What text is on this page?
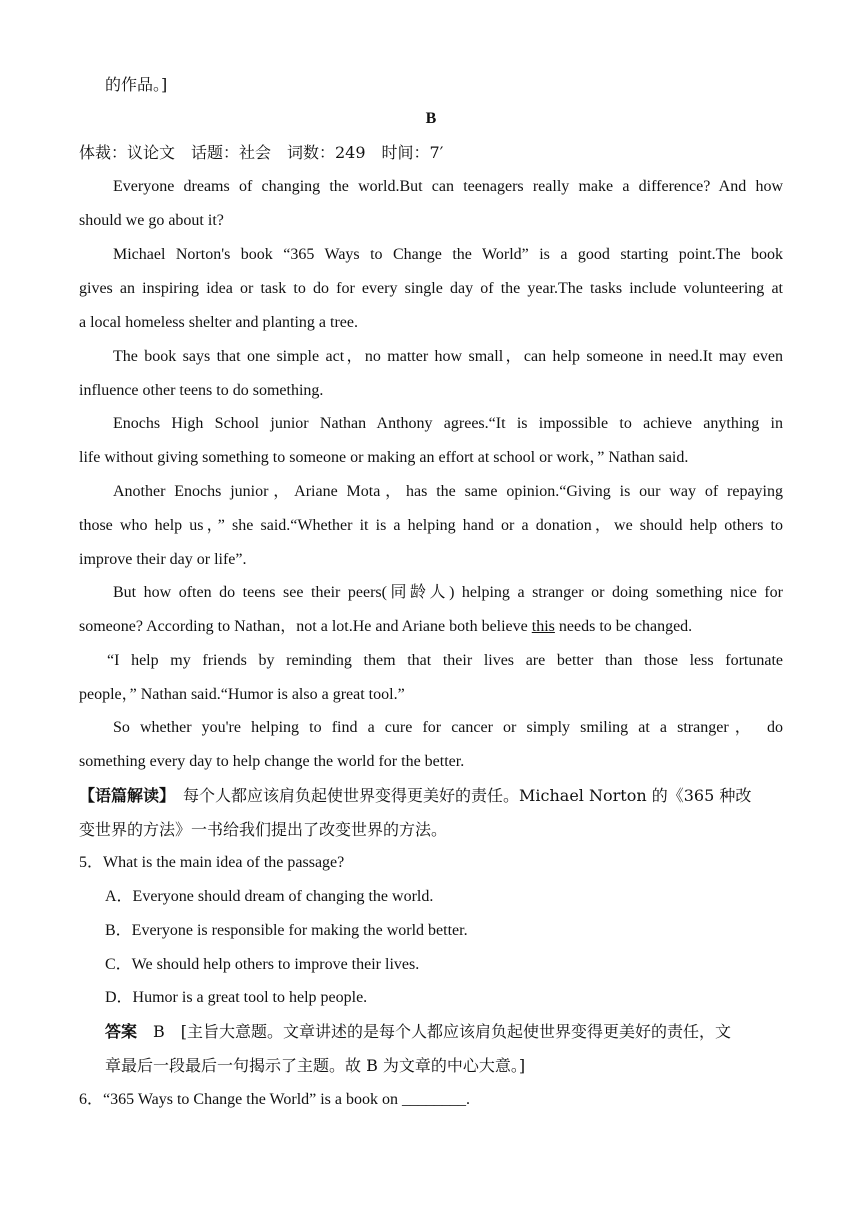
的作品。]
B
体裁：议论文　话题：社会　词数：249　时间：7′
Everyone dreams of changing the world.But can teenagers really make a difference? And how
should we go about it?
Michael Norton's book “365 Ways to Change the World” is a good starting point.The book
gives an inspiring idea or task to do for every single day of the year.The tasks include volunteering at
a local homeless shelter and planting a tree.
The book says that one simple act，no matter how small，can help someone in need.It may even
influence other teens to do something.
Enochs High School junior Nathan Anthony agrees.“It is impossible to achieve anything in
life without giving something to someone or making an effort at school or work，” Nathan said.
Another Enochs junior，Ariane Mota，has the same opinion.“Giving is our way of repaying
those who help us，” she said.“Whether it is a helping hand or a donation，we should help others to
improve their day or life”.
But how often do teens see their peers(同龄人) helping a stranger or doing something nice for
someone? According to Nathan，not a lot.He and Ariane both believe this needs to be changed.
“I help my friends by reminding them that their lives are better than those less fortunate
people，” Nathan said.“Humor is also a great tool.”
So whether you're helping to find a cure for cancer or simply smiling at a stranger， do
something every day to help change the world for the better.
【语篇解读】　每个人都应该肩负起使世界变得更美好的责任。Michael Norton 的《365 种改
变世界的方法》一书给我们提出了改变世界的方法。
5．What is the main idea of the passage?
A．Everyone should dream of changing the world.
B．Everyone is responsible for making the world better.
C．We should help others to improve their lives.
D．Humor is a great tool to help people.
答案　B　[主旨大意题。文章讲述的是每个人都应该肩负起使世界变得更美好的责任，文
章最后一段最后一句揭示了主题。故 B 为文章的中心大意。]
6．“365 Ways to Change the World” is a book on ________.
